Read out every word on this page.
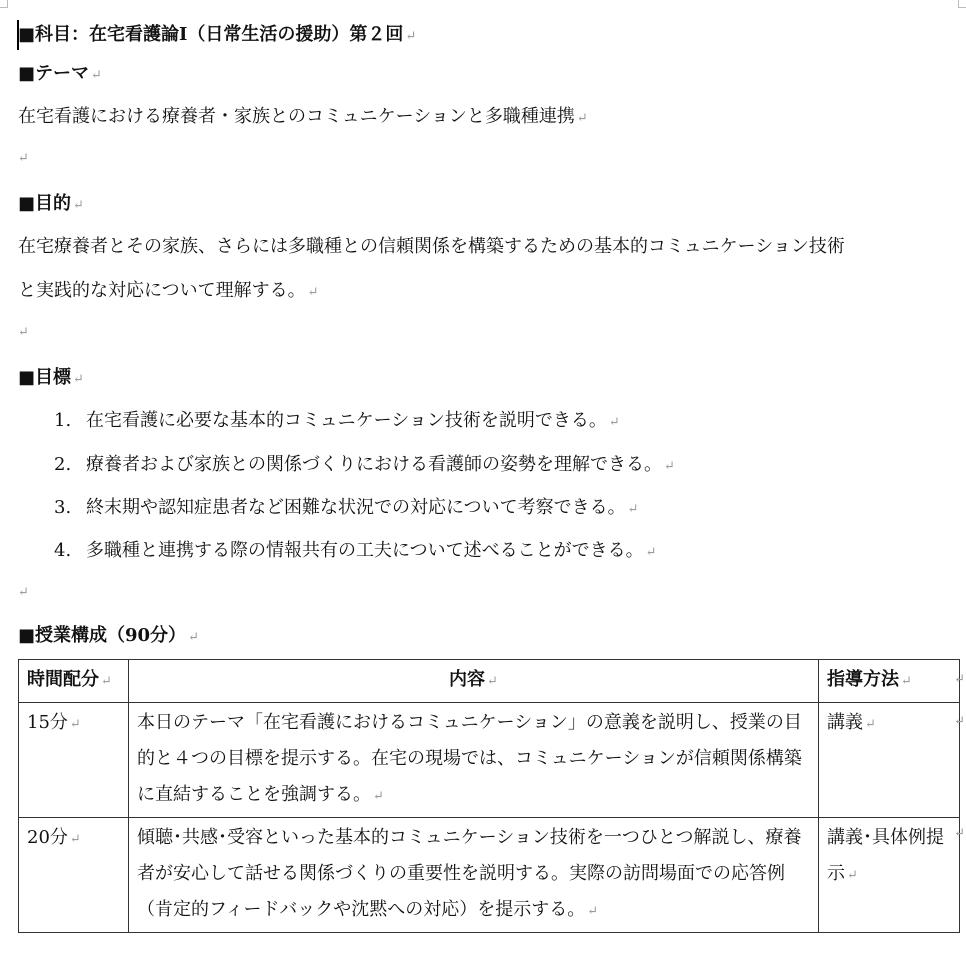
■科目：在宅看護論Ⅰ（日常生活の援助）第２回 ↵
■テーマ ↵
在宅看護における療養者・家族とのコミュニケーションと多職種連携 ↵
↵
■目的 ↵
在宅療養者とその家族、さらには多職種との信頼関係を構築するための基本的コミュニケーション技術
と実践的な対応について理解する。 ↵
↵
■目標 ↵
1. 在宅看護に必要な基本的コミュニケーション技術を説明できる。 ↵
2. 療養者および家族との関係づくりにおける看護師の姿勢を理解できる。 ↵
3. 終末期や認知症患者など困難な状況での対応について考察できる。 ↵
4. 多職種と連携する際の情報共有の工夫について述べることができる。 ↵
↵
■授業構成（90分） ↵
時間配分 ↵	内容 ↵	指導方法 ↵
15分 ↵	本日のテーマ「在宅看護におけるコミュニケーション」の意義を説明し、授業の目的と４つの目標を提示する。在宅の現場では、コミュニケーションが信頼関係構築に直結することを強調する。 ↵	講義 ↵
20分 ↵	傾聴･共感･受容といった基本的コミュニケーション技術を一つひとつ解説し、療養者が安心して話せる関係づくりの重要性を説明する。実際の訪問場面での応答例（肯定的フィードバックや沈黙への対応）を提示する。 ↵	講義･具体例提示 ↵
↵
↵
↵
